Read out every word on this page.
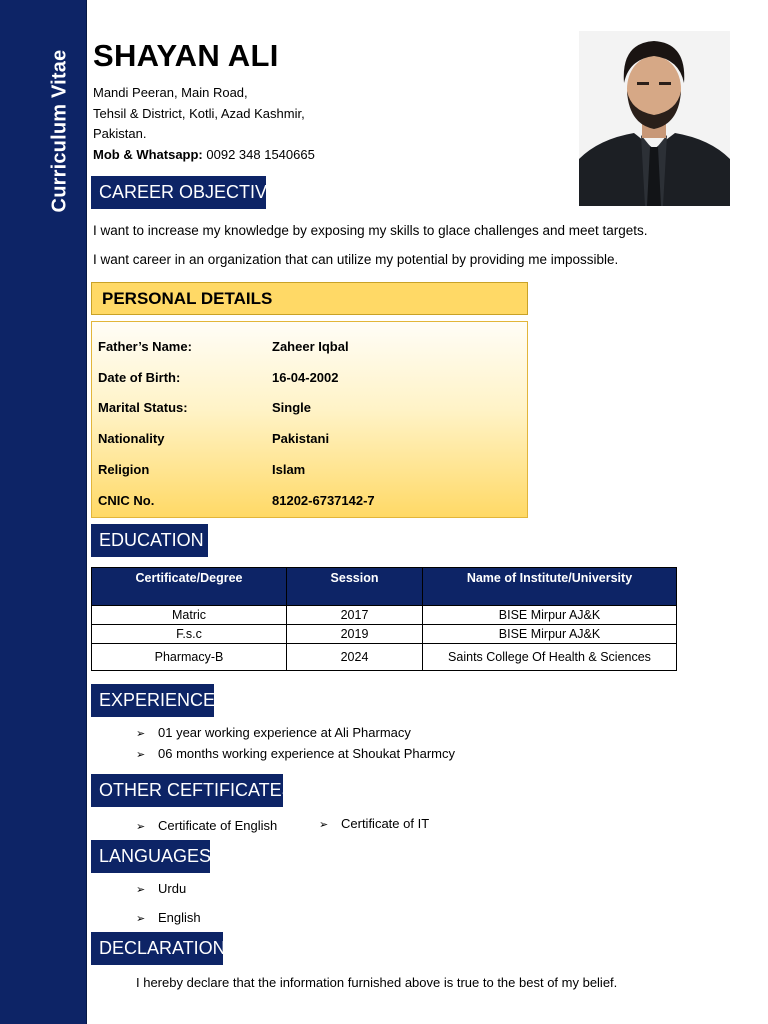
Curriculum Vitae SHAYAN ALI
Mandi Peeran, Main Road,
Tehsil & District, Kotli, Azad Kashmir,
Pakistan.
Mob & Whatsapp: 0092 348 1540665
CAREER OBJECTIVE
I want to increase my knowledge by exposing my skills to glace challenges and meet targets.
I want career in an organization that can utilize my potential by providing me impossible.
PERSONAL DETAILS
Father’s Name:	Zaheer Iqbal
Date of Birth:	16-04-2002
Marital Status:	Single
Nationality	Pakistani
Religion	Islam
CNIC No.	81202-6737142-7
EDUCATION
Certificate/Degree	Session	Name of Institute/University
Matric	2017	BISE Mirpur AJ&K
F.s.c	2019	BISE Mirpur AJ&K
Pharmacy-B	2024	Saints College Of Health & Sciences
EXPERIENCE
➢ 01 year working experience at Ali Pharmacy
➢ 06 months working experience at Shoukat Pharmcy
OTHER CEFTIFICATES
➢ Certificate of English	➢ Certificate of IT
LANGUAGES
➢ Urdu
➢ English
DECLARATION
I hereby declare that the information furnished above is true to the best of my belief.
